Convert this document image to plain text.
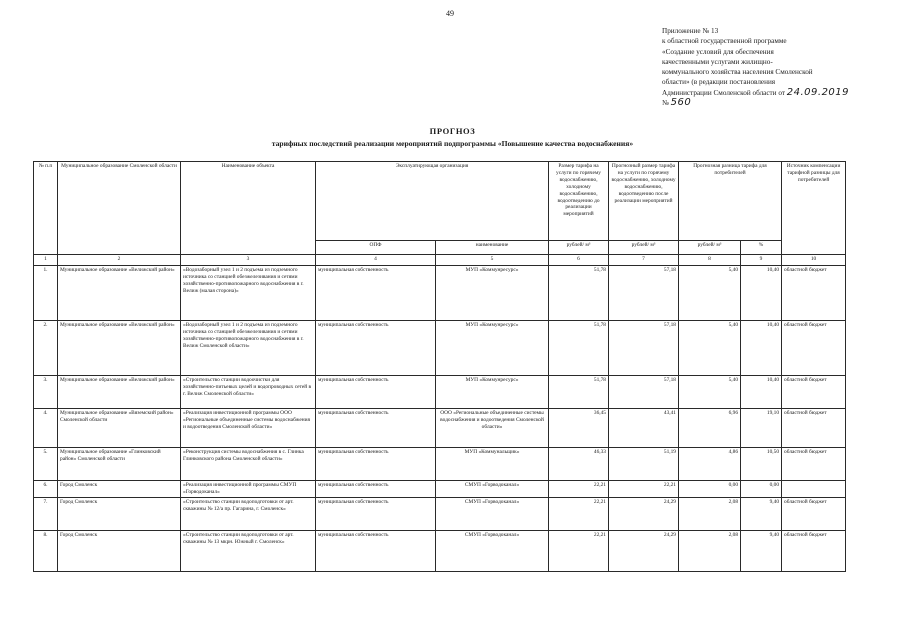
49
Приложение № 13
к областной государственной программе
«Создание условий для обеспечения
качественными услугами жилищно-
коммунального хозяйства населения Смоленской
области» (в редакции постановления
Администрации Смоленской области от 24.09.2019
№ 560
ПРОГНОЗ
тарифных последствий реализации мероприятий подпрограммы «Повышение качества водоснабжения»
№ п.п	Муниципальное образование Смоленской области	Наименование объекта	Эксплуатирующая организация		Размер тарифа на услуги по горячему водоснабжению, холодному водоснабжению, водоотведению до реализации мероприятий	Прогнозный размер тарифа на услуги по горячему водоснабжению, холодному водоснабжению, водоотведению после реализации мероприятий	Прогнозная разница тарифа для потребителей		Источник компенсации тарифной разницы для потребителей
			ОПФ	наименование	рублей/ м³	рублей/ м³	рублей/ м³	%	
1	2	3	4	5	6	7	8	9	10
1.	Муниципальное образование «Велижский район»	«Водозаборный узел 1 и 2 подъема из подземного источника со станцией обезжелезивания и сетями хозяйственно-противопожарного водоснабжения в г. Велиж (малая сторона)»	муниципальная собственность	МУП «Коммунресурс»	51,78	57,18	5,40	10,40	областной бюджет
2.	Муниципальное образование «Велижский район»	«Водозаборный узел 1 и 2 подъема из подземного источника со станцией обезжелезивания и сетями хозяйственно-противопожарного водоснабжения в г. Велиж Смоленской области»	муниципальная собственность	МУП «Коммунресурс»	51,78	57,18	5,40	10,40	областной бюджет
3.	Муниципальное образование «Велижский район»	«Строительство станции водоочистки для хозяйственно-питьевых целей и водопроводных сетей в г. Велиж Смоленской области»	муниципальная собственность	МУП «Коммунресурс»	51,78	57,18	5,40	10,40	областной бюджет
4.	Муниципальное образование «Вяземский район» Смоленской области	«Реализация инвестиционной программы ООО «Региональные объединенные системы водоснабжения и водоотведения Смоленской области»	муниципальная собственность	ООО «Региональные объединенные системы водоснабжения и водоотведения Смоленской области»	36,45	43,41	6,96	19,10	областной бюджет
5.	Муниципальное образование «Глинковский район» Смоленской области	«Реконструкция системы водоснабжения в с. Глинка Глинковского района Смоленской области»	муниципальная собственность	МУП «Коммунальщик»	46,33	51,19	4,86	10,50	областной бюджет
6.	Город Смоленск	«Реализация инвестиционной программы СМУП «Горводоканал»	муниципальная собственность	СМУП «Горводоканал»	22,21	22,21	0,00	0,00	
7.	Город Смоленск	«Строительство станции водоподготовки от арт. скважины № 12/а пр. Гагарина, г. Смоленск»	муниципальная собственность	СМУП «Горводоканал»	22,21	24,29	2,08	9,40	областной бюджет
8.	Город Смоленск	«Строительство станции водоподготовки от арт. скважины № 13 мкрн. Южный г. Смоленск»	муниципальная собственность	СМУП «Горводоканал»	22,21	24,29	2,08	9,40	областной бюджет
